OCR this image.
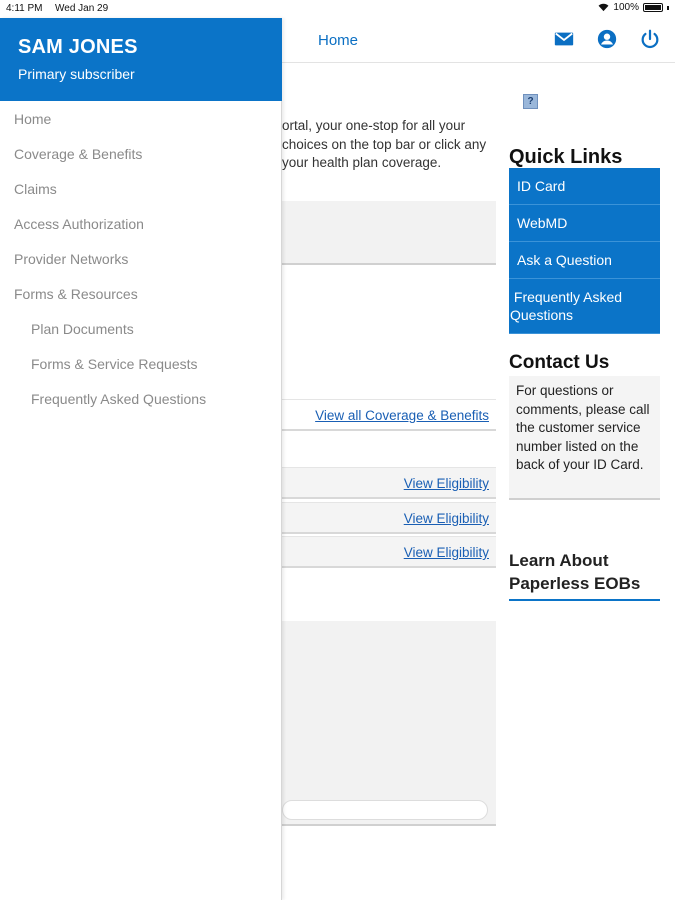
4:11 PM Wed Jan 29	100%
Home
ortal, your one-stop for all your
choices on the top bar or click any
your health plan coverage.
View all Coverage & Benefits
View Eligibility
View Eligibility
View Eligibility
?
Quick Links
ID Card
WebMD
Ask a Question
Frequently Asked Questions
Contact Us
For questions or comments, please call the customer service number listed on the back of your ID Card.
Learn About Paperless EOBs
SAM JONES
Primary subscriber
Home
Coverage & Benefits
Claims
Access Authorization
Provider Networks
Forms & Resources
Plan Documents
Forms & Service Requests
Frequently Asked Questions
